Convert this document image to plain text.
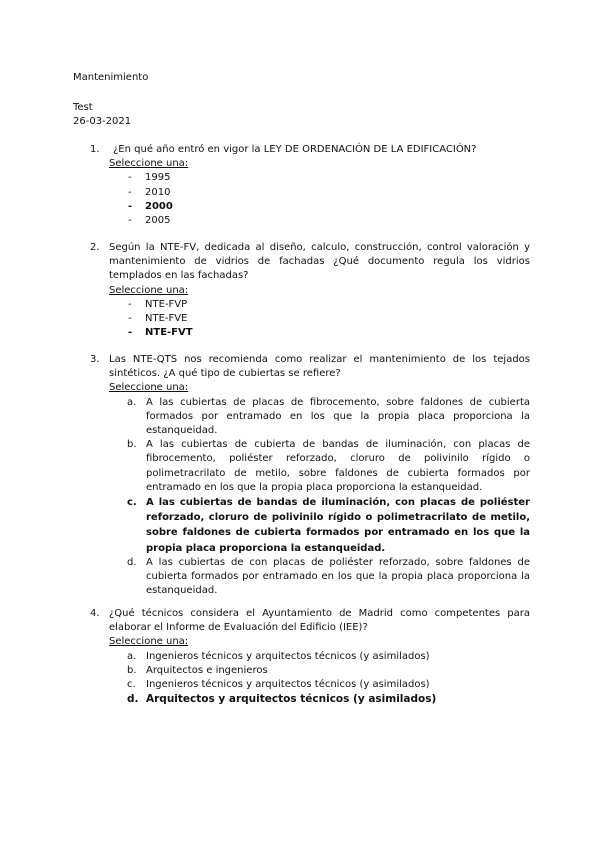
Mantenimiento
Test
26-03-2021
1. ¿En qué año entró en vigor la LEY DE ORDENACIÓN DE LA EDIFICACIÓN?
Seleccione una:
- 1995
- 2010
- 2000
- 2005
2. Según la NTE-FV, dedicada al diseño, calculo, construcción, control valoración y mantenimiento de vidrios de fachadas ¿Qué documento regula los vidrios templados en las fachadas?
Seleccione una:
- NTE-FVP
- NTE-FVE
- NTE-FVT
3. Las NTE-QTS nos recomienda como realizar el mantenimiento de los tejados sintéticos. ¿A qué tipo de cubiertas se refiere?
Seleccione una:
a. A las cubiertas de placas de fibrocemento, sobre faldones de cubierta formados por entramado en los que la propia placa proporciona la estanqueidad.
b. A las cubiertas de cubierta de bandas de iluminación, con placas de fibrocemento, poliéster reforzado, cloruro de polivinilo rígido o polimetracrilato de metilo, sobre faldones de cubierta formados por entramado en los que la propia placa proporciona la estanqueidad.
c. A las cubiertas de bandas de iluminación, con placas de poliéster reforzado, cloruro de polivinilo rígido o polimetracrilato de metilo, sobre faldones de cubierta formados por entramado en los que la propia placa proporciona la estanqueidad.
d. A las cubiertas de con placas de poliéster reforzado, sobre faldones de cubierta formados por entramado en los que la propia placa proporciona la estanqueidad.
4. ¿Qué técnicos considera el Ayuntamiento de Madrid como competentes para elaborar el Informe de Evaluación del Edificio (IEE)?
Seleccione una:
a. Ingenieros técnicos y arquitectos técnicos (y asimilados)
b. Arquitectos e ingenieros
c. Ingenieros técnicos y arquitectos técnicos (y asimilados)
d. Arquitectos y arquitectos técnicos (y asimilados)
